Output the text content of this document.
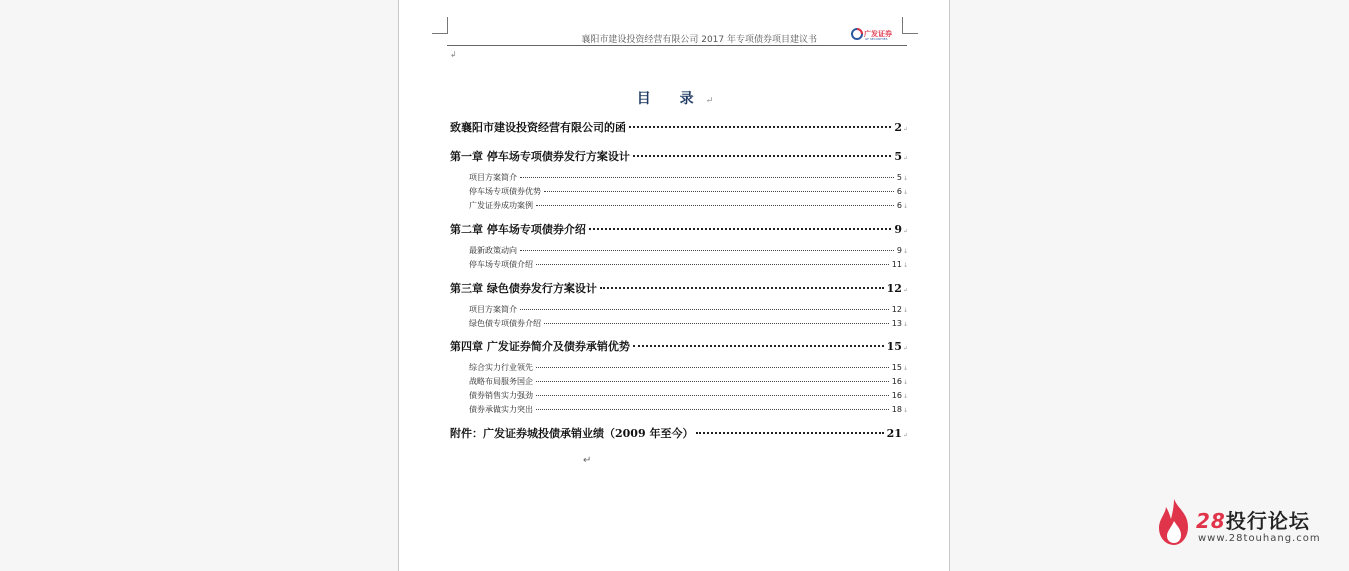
襄阳市建设投资经营有限公司 2017 年专项债券项目建议书
广发证券
GF SECURITIES
↲
目 录↵
致襄阳市建设投资经营有限公司的函	2 ↵
第一章 停车场专项债券发行方案设计	5 ↵
项目方案简介	5 ↓
停车场专项债券优势	6 ↓
广发证券成功案例	6 ↓
第二章 停车场专项债券介绍	9 ↵
最新政策动向	9 ↓
停车场专项债介绍	11 ↓
第三章 绿色债券发行方案设计	12 ↵
项目方案简介	12 ↓
绿色债专项债券介绍	13 ↓
第四章 广发证券简介及债券承销优势	15 ↵
综合实力行业领先	15 ↓
战略布局服务国企	16 ↓
债券销售实力强劲	16 ↓
债券承做实力突出	18 ↓
附件：广发证券城投债承销业绩（2009 年至今）	21 ↵
↵
28投行论坛
www.28touhang.com
